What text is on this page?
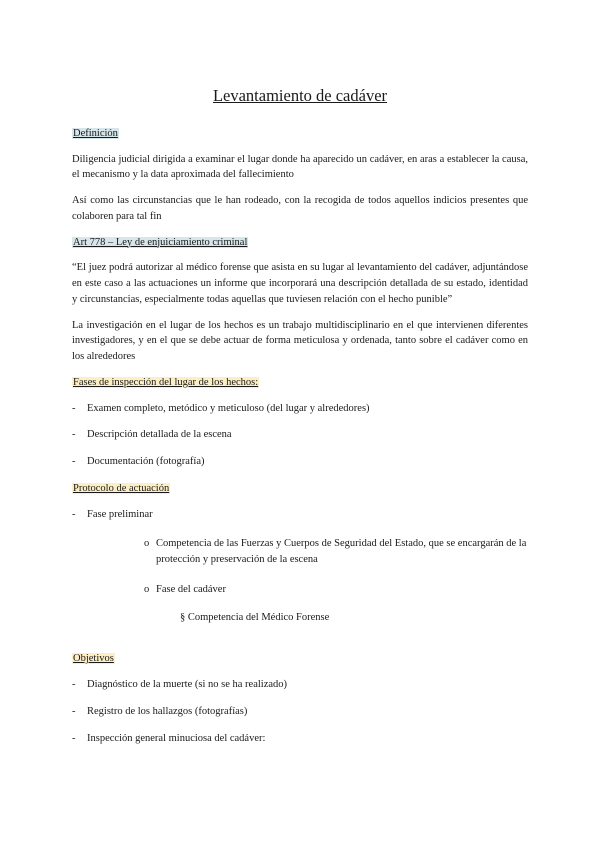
Levantamiento de cadáver
Definición

Diligencia judicial dirigida a examinar el lugar donde ha aparecido un cadáver, en aras a establecer la causa, el mecanismo y la data aproximada del fallecimiento

Así como las circunstancias que le han rodeado, con la recogida de todos aquellos indicios presentes que colaboren para tal fin

Art 778 – Ley de enjuiciamiento criminal

“El juez podrá autorizar al médico forense que asista en su lugar al levantamiento del cadáver, adjuntándose en este caso a las actuaciones un informe que incorporará una descripción detallada de su estado, identidad y circunstancias, especialmente todas aquellas que tuviesen relación con el hecho punible”

La investigación en el lugar de los hechos es un trabajo multidisciplinario en el que intervienen diferentes investigadores, y en el que se debe actuar de forma meticulosa y ordenada, tanto sobre el cadáver como en los alrededores

Fases de inspección del lugar de los hechos:
- Examen completo, metódico y meticuloso (del lugar y alrededores)
- Descripción detallada de la escena
- Documentación (fotografía)
Protocolo de actuación
- Fase preliminar
o Competencia de las Fuerzas y Cuerpos de Seguridad del Estado, que se encargarán de la protección y preservación de la escena
o Fase del cadáver
§ Competencia del Médico Forense
Objetivos
- Diagnóstico de la muerte (si no se ha realizado)
- Registro de los hallazgos (fotografías)
- Inspección general minuciosa del cadáver:
